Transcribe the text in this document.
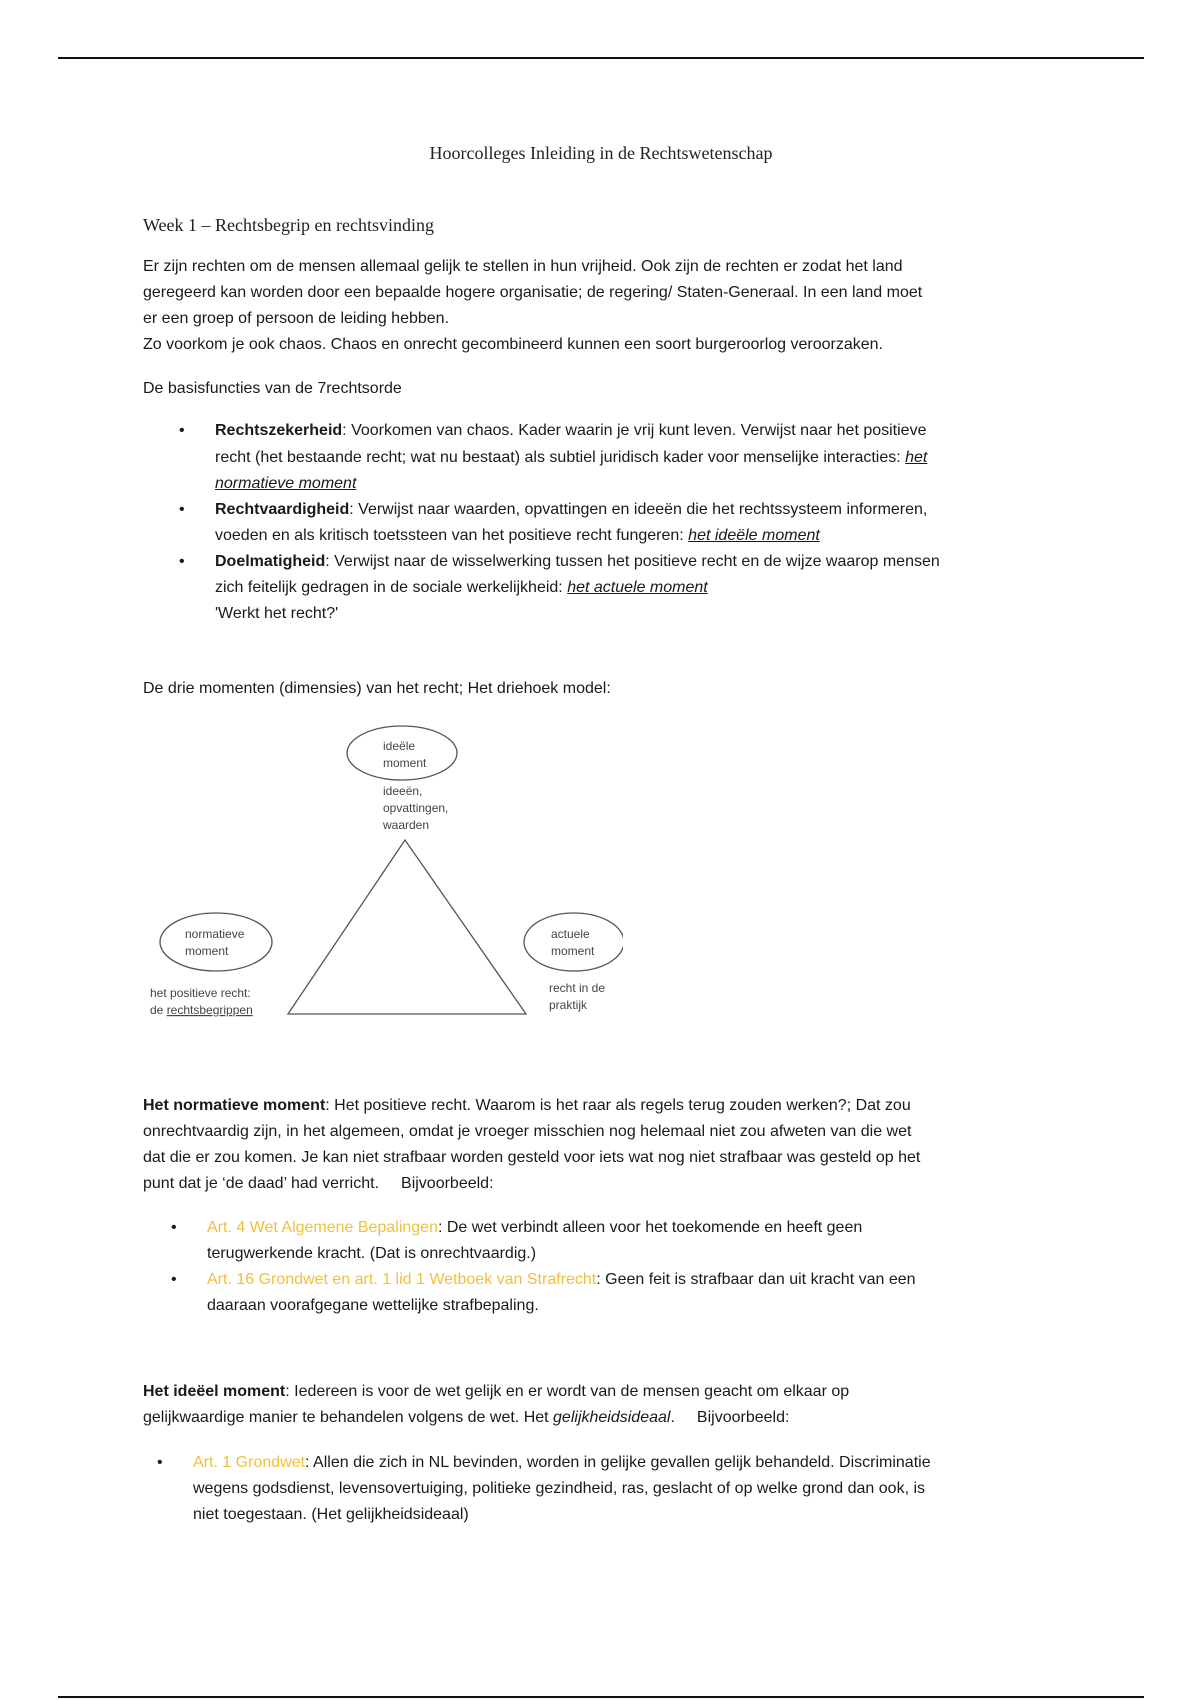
Hoorcolleges Inleiding in de Rechtswetenschap
Week 1 – Rechtsbegrip en rechtsvinding
Er zijn rechten om de mensen allemaal gelijk te stellen in hun vrijheid. Ook zijn de rechten er zodat het land
geregeerd kan worden door een bepaalde hogere organisatie; de regering/ Staten-Generaal. In een land moet
er een groep of persoon de leiding hebben.
Zo voorkom je ook chaos. Chaos en onrecht gecombineerd kunnen een soort burgeroorlog veroorzaken.
De basisfuncties van de 7rechtsorde
• Rechtszekerheid: Voorkomen van chaos. Kader waarin je vrij kunt leven. Verwijst naar het positieve
recht (het bestaande recht; wat nu bestaat) als subtiel juridisch kader voor menselijke interacties: het
normatieve moment
• Rechtvaardigheid: Verwijst naar waarden, opvattingen en ideeën die het rechtssysteem informeren,
voeden en als kritisch toetssteen van het positieve recht fungeren: het ideële moment
• Doelmatigheid: Verwijst naar de wisselwerking tussen het positieve recht en de wijze waarop mensen
zich feitelijk gedragen in de sociale werkelijkheid: het actuele moment
'Werkt het recht?'
De drie momenten (dimensies) van het recht; Het driehoek model:
ideële
moment
ideeën,
opvattingen,
waarden
normatieve
moment
het positieve recht:
de rechtsbegrippen
actuele
moment
recht in de
praktijk
Het normatieve moment: Het positieve recht. Waarom is het raar als regels terug zouden werken?; Dat zou
onrechtvaardig zijn, in het algemeen, omdat je vroeger misschien nog helemaal niet zou afweten van die wet
dat die er zou komen. Je kan niet strafbaar worden gesteld voor iets wat nog niet strafbaar was gesteld op het
punt dat je ‘de daad’ had verricht. Bijvoorbeeld:
• Art. 4 Wet Algemene Bepalingen: De wet verbindt alleen voor het toekomende en heeft geen
terugwerkende kracht. (Dat is onrechtvaardig.)
• Art. 16 Grondwet en art. 1 lid 1 Wetboek van Strafrecht: Geen feit is strafbaar dan uit kracht van een
daaraan voorafgegane wettelijke strafbepaling.
Het ideëel moment: Iedereen is voor de wet gelijk en er wordt van de mensen geacht om elkaar op
gelijkwaardige manier te behandelen volgens de wet. Het gelijkheidsideaal. Bijvoorbeeld:
• Art. 1 Grondwet: Allen die zich in NL bevinden, worden in gelijke gevallen gelijk behandeld. Discriminatie
wegens godsdienst, levensovertuiging, politieke gezindheid, ras, geslacht of op welke grond dan ook, is
niet toegestaan. (Het gelijkheidsideaal)
